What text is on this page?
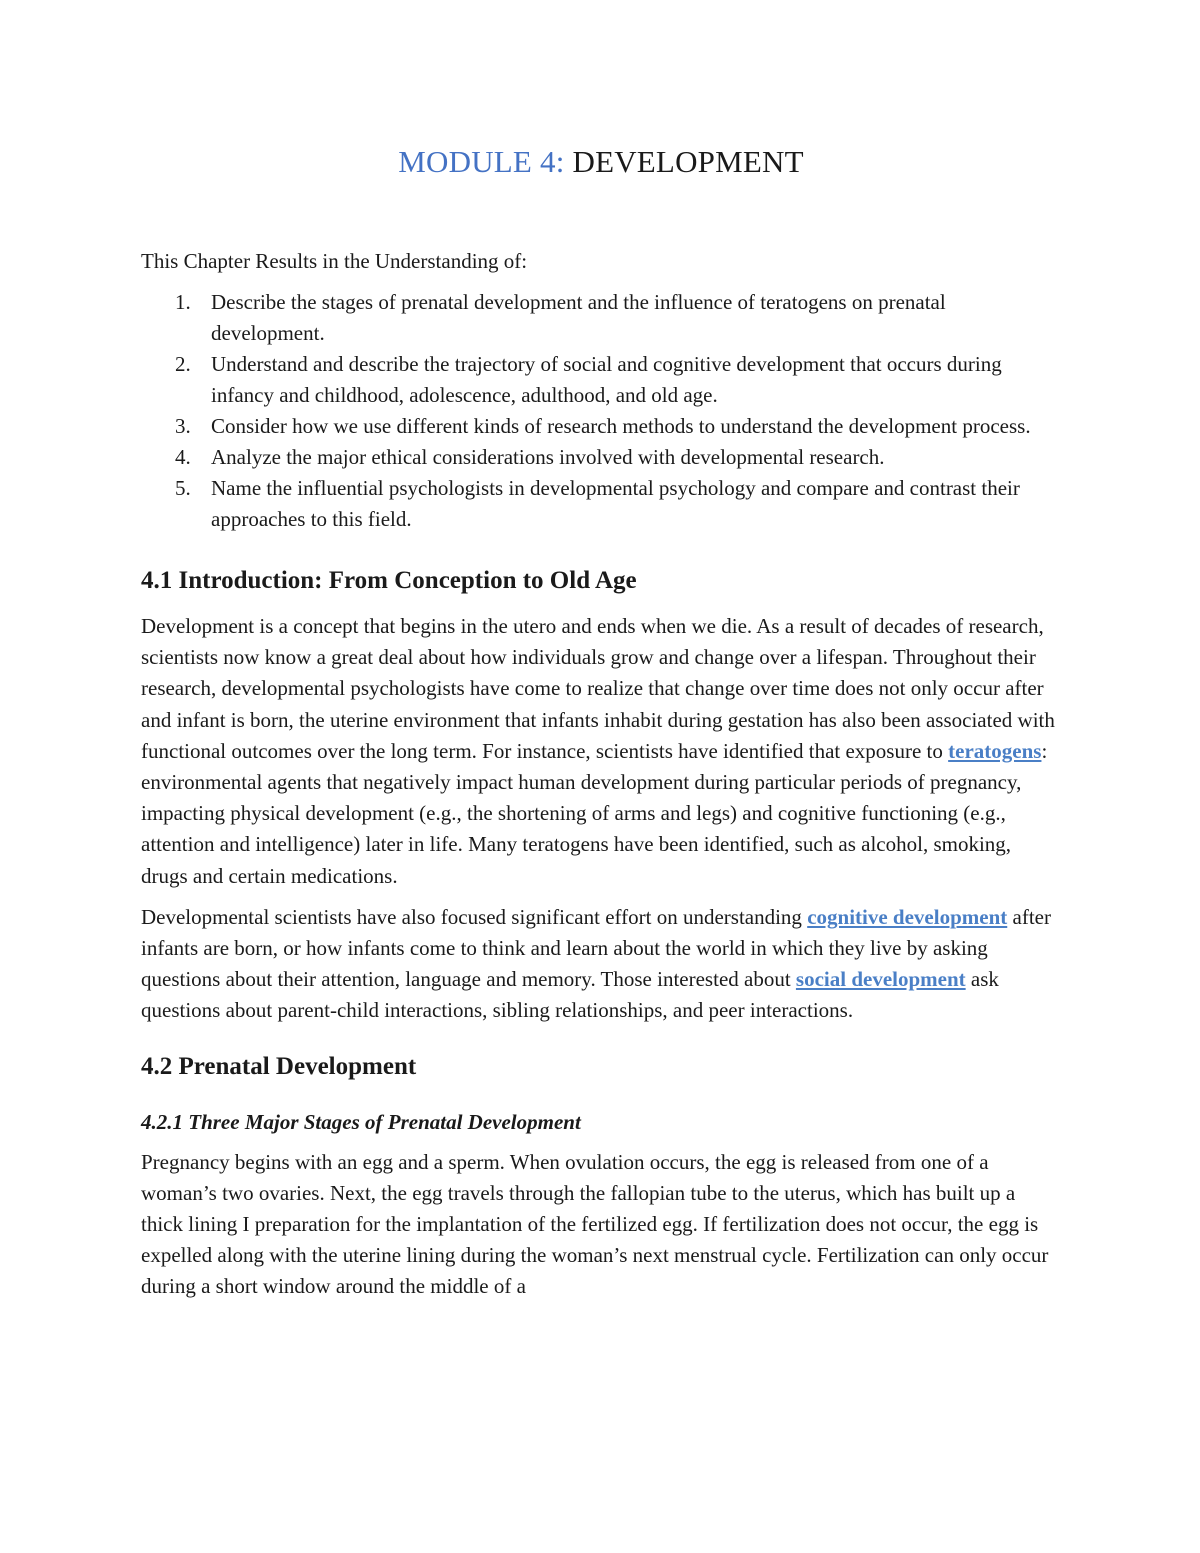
MODULE 4: DEVELOPMENT
This Chapter Results in the Understanding of:
1. Describe the stages of prenatal development and the influence of teratogens on prenatal development.
2. Understand and describe the trajectory of social and cognitive development that occurs during infancy and childhood, adolescence, adulthood, and old age.
3. Consider how we use different kinds of research methods to understand the development process.
4. Analyze the major ethical considerations involved with developmental research.
5. Name the influential psychologists in developmental psychology and compare and contrast their approaches to this field.
4.1 Introduction: From Conception to Old Age

Development is a concept that begins in the utero and ends when we die. As a result of decades of research, scientists now know a great deal about how individuals grow and change over a lifespan. Throughout their research, developmental psychologists have come to realize that change over time does not only occur after and infant is born, the uterine environment that infants inhabit during gestation has also been associated with functional outcomes over the long term. For instance, scientists have identified that exposure to teratogens: environmental agents that negatively impact human development during particular periods of pregnancy, impacting physical development (e.g., the shortening of arms and legs) and cognitive functioning (e.g., attention and intelligence) later in life. Many teratogens have been identified, such as alcohol, smoking, drugs and certain medications.

Developmental scientists have also focused significant effort on understanding cognitive development after infants are born, or how infants come to think and learn about the world in which they live by asking questions about their attention, language and memory. Those interested about social development ask questions about parent-child interactions, sibling relationships, and peer interactions.

4.2 Prenatal Development
4.2.1 Three Major Stages of Prenatal Development

Pregnancy begins with an egg and a sperm. When ovulation occurs, the egg is released from one of a woman’s two ovaries. Next, the egg travels through the fallopian tube to the uterus, which has built up a thick lining I preparation for the implantation of the fertilized egg. If fertilization does not occur, the egg is expelled along with the uterine lining during the woman’s next menstrual cycle. Fertilization can only occur during a short window around the middle of a
